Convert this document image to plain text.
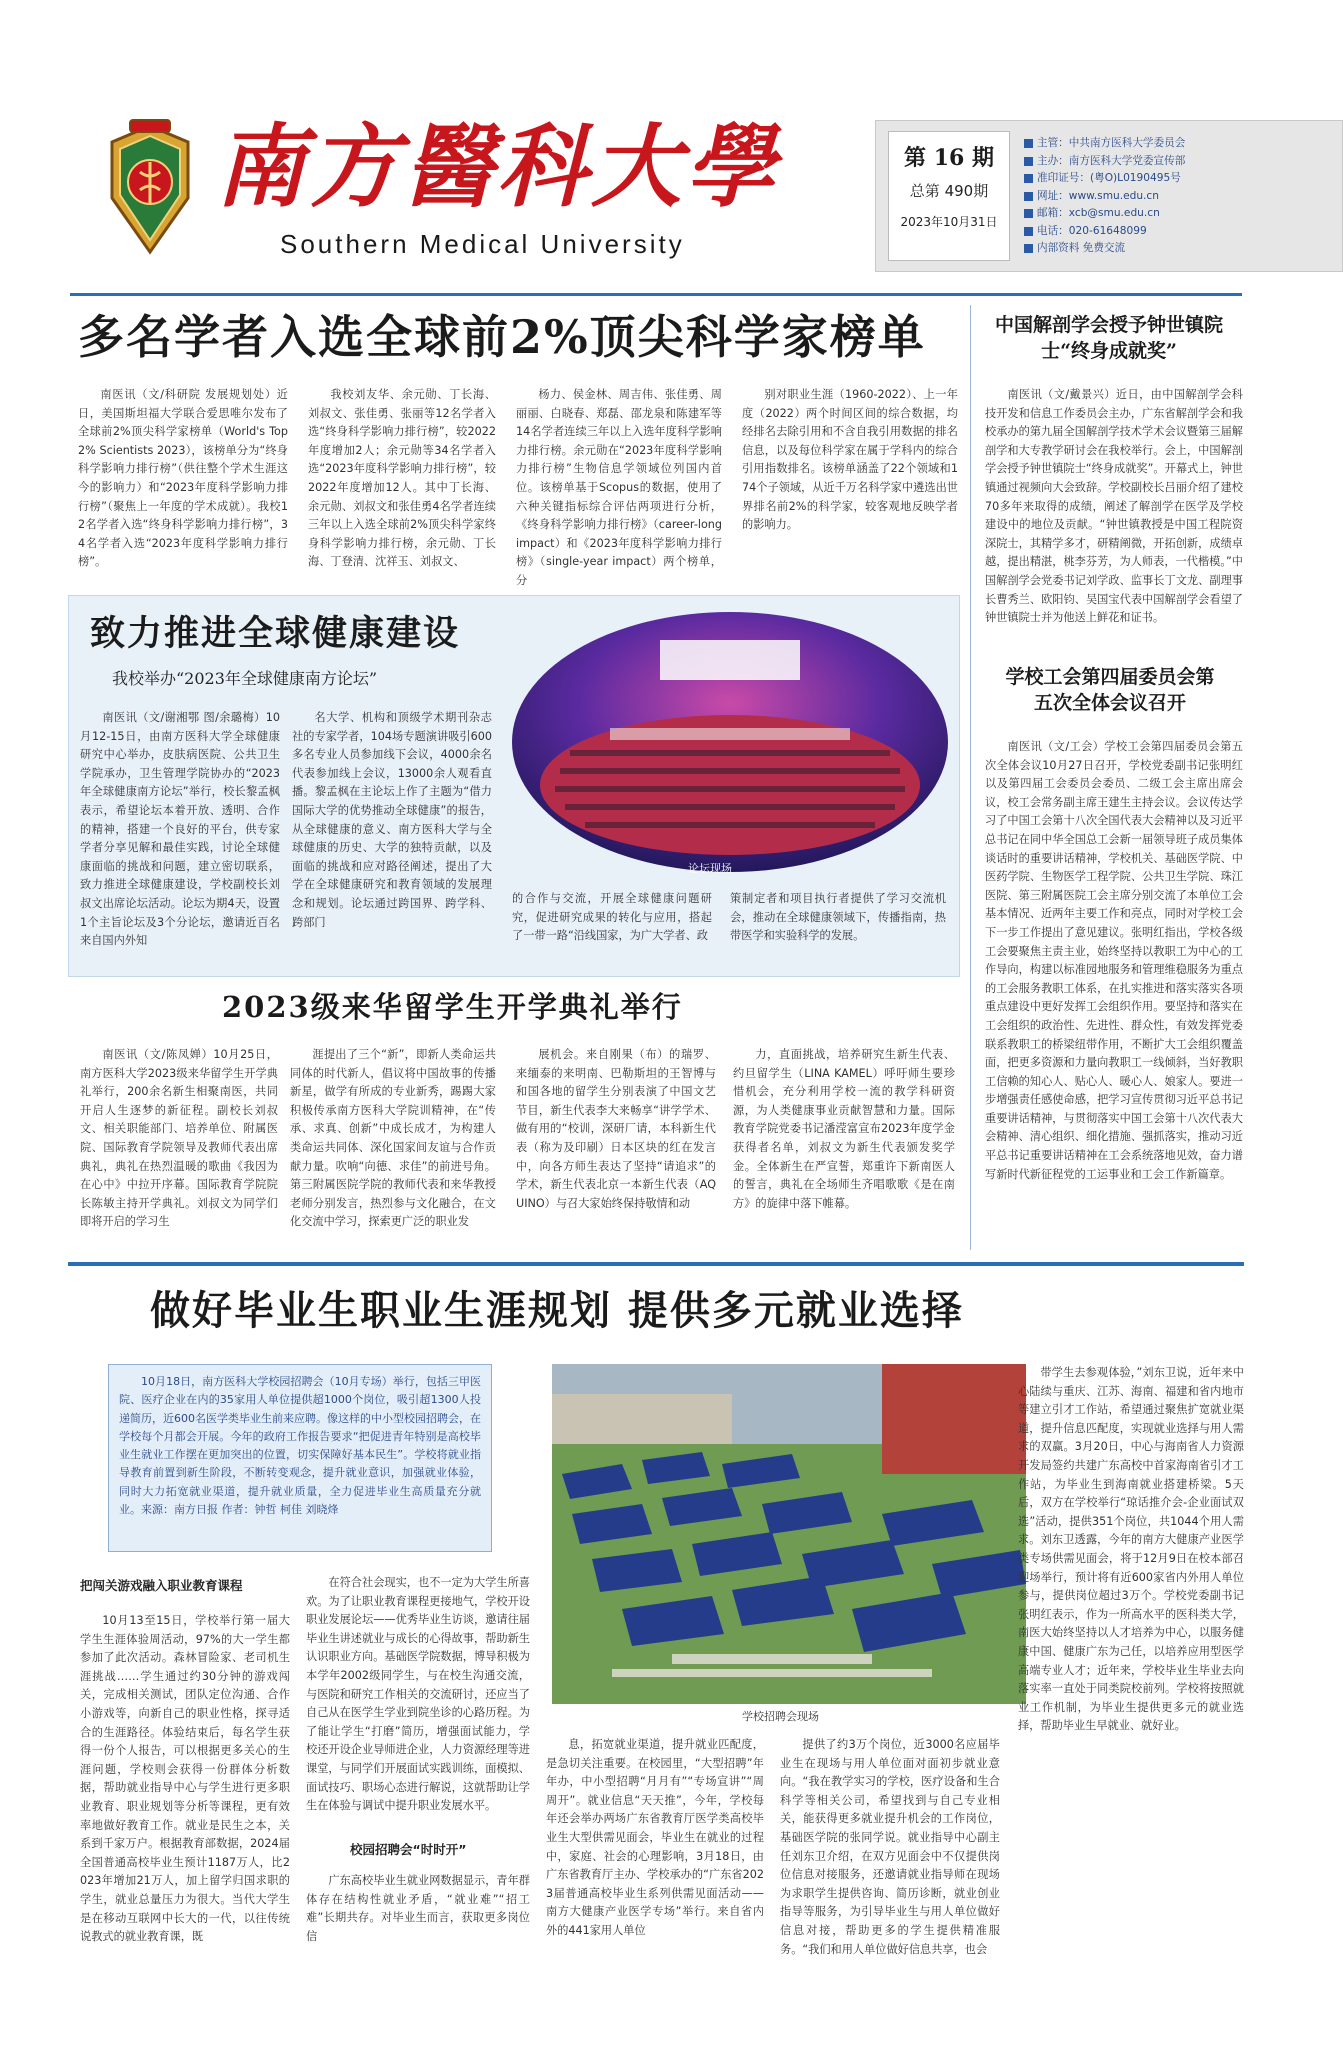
南方醫科大學
Southern Medical University
第 16 期
总第 490期
2023年10月31日
主管：中共南方医科大学委员会
主办：南方医科大学党委宣传部
准印证号：(粤O)L0190495号
网址：www.smu.edu.cn
邮箱：xcb@smu.edu.cn
电话：020-61648099
内部资料 免费交流
多名学者入选全球前2%顶尖科学家榜单

南医讯（文/科研院 发展规划处）近日，美国斯坦福大学联合爱思唯尔发布了全球前2%顶尖科学家榜单（World's Top 2% Scientists 2023），该榜单分为“终身科学影响力排行榜”（供往整个学术生涯这今的影响力）和“2023年度科学影响力排行榜”（聚焦上一年度的学术成就）。我校12名学者入选“终身科学影响力排行榜”，34名学者入选“2023年度科学影响力排行榜”。

我校刘友华、余元勋、丁长海、刘叔文、张佳勇、张丽等12名学者入选“终身科学影响力排行榜”，较2022年度增加2人；余元勋等34名学者入选“2023年度科学影响力排行榜”，较2022年度增加12人。其中丁长海、余元勋、刘叔文和张佳勇4名学者连续三年以上入选全球前2%顶尖科学家终身科学影响力排行榜，余元勋、丁长海、丁登清、沈祥玉、刘叔文、

杨力、侯金林、周吉伟、张佳勇、周丽丽、白晓春、郑磊、邵龙泉和陈建军等14名学者连续三年以上入选年度科学影响力排行榜。余元勋在“2023年度科学影响力排行榜”生物信息学领域位列国内首位。该榜单基于Scopus的数据，使用了六种关键指标综合评估两项进行分析，《终身科学影响力排行榜》（career-long impact）和《2023年度科学影响力排行榜》（single-year impact）两个榜单，分

别对职业生涯（1960-2022）、上一年度（2022）两个时间区间的综合数据，均经排名去除引用和不含自我引用数据的排名信息，以及每位科学家在属于学科内的综合引用指数排名。该榜单涵盖了22个领域和174个子领域，从近千万名科学家中遴选出世界排名前2%的科学家，较客观地反映学者的影响力。

中国解剖学会授予钟世镇院士“终身成就奖”

南医讯（文/戴景兴）近日，由中国解剖学会科技开发和信息工作委员会主办，广东省解剖学会和我校承办的第九届全国解剖学技术学术会议暨第三届解剖学和大专教学研讨会在我校举行。会上，中国解剖学会授予钟世镇院士“终身成就奖”。开幕式上，钟世镇通过视频向大会致辞。学校副校长吕丽介绍了建校70多年来取得的成绩，阐述了解剖学在医学及学校建设中的地位及贡献。“钟世镇教授是中国工程院资深院士，其精学多才，研精阐微，开拓创新，成绩卓越，提出精湛，桃李芬芳，为人师表，一代楷模。”中国解剖学会党委书记刘学政、监事长丁文龙、副理事长曹秀兰、欧阳钧、吴国宝代表中国解剖学会看望了钟世镇院士并为他送上鲜花和证书。

学校工会第四届委员会第五次全体会议召开

南医讯（文/工会）学校工会第四届委员会第五次全体会议10月27日召开，学校党委副书记张明红以及第四届工会委员会委员、二级工会主席出席会议，校工会常务副主席王建生主持会议。会议传达学习了中国工会第十八次全国代表大会精神以及习近平总书记在同中华全国总工会新一届领导班子成员集体谈话时的重要讲话精神，学校机关、基础医学院、中医药学院、生物医学工程学院、公共卫生学院、珠江医院、第三附属医院工会主席分别交流了本单位工会基本情况、近两年主要工作和亮点，同时对学校工会下一步工作提出了意见建议。张明红指出，学校各级工会要聚焦主责主业，始终坚持以教职工为中心的工作导向，构建以标准园地服务和管理维稳服务为重点的工会服务教职工体系，在扎实推进和落实落实各项重点建设中更好发挥工会组织作用。要坚持和落实在工会组织的政治性、先进性、群众性，有效发挥党委联系教职工的桥梁纽带作用，不断扩大工会组织覆盖面，把更多资源和力量向教职工一线倾斜，当好教职工信赖的知心人、贴心人、暖心人、娘家人。要进一步增强责任感使命感，把学习宣传贯彻习近平总书记重要讲话精神，与贯彻落实中国工会第十八次代表大会精神、清心组织、细化措施、强抓落实，推动习近平总书记重要讲话精神在工会系统落地见效，奋力谱写新时代新征程党的工运事业和工会工作新篇章。

致力推进全球健康建设
我校举办“2023年全球健康南方论坛”
论坛现场

南医讯（文/谢湘鄂 图/余璐梅）10月12-15日，由南方医科大学全球健康研究中心举办，皮肤病医院、公共卫生学院承办，卫生管理学院协办的“2023年全球健康南方论坛”举行，校长黎孟枫表示，希望论坛本着开放、透明、合作的精神，搭建一个良好的平台，供专家学者分享见解和最佳实践，讨论全球健康面临的挑战和问题，建立密切联系，致力推进全球健康建设，学校副校长刘叔文出席论坛活动。论坛为期4天，设置1个主旨论坛及3个分论坛，邀请近百名来自国内外知

名大学、机构和顶级学术期刊杂志社的专家学者，104场专题演讲吸引600多名专业人员参加线下会议，4000余名代表参加线上会议，13000余人观看直播。黎孟枫在主论坛上作了主题为“借力国际大学的优势推动全球健康”的报告，从全球健康的意义、南方医科大学与全球健康的历史、大学的独特贡献，以及面临的挑战和应对路径阐述，提出了大学在全球健康研究和教育领域的发展理念和规划。论坛通过跨国界、跨学科、跨部门

的合作与交流，开展全球健康问题研究，促进研究成果的转化与应用，搭起了一带一路“沿线国家，为广大学者、政

策制定者和项目执行者提供了学习交流机会，推动在全球健康领域下，传播指南，热带医学和实验科学的发展。

2023级来华留学生开学典礼举行

南医讯（文/陈凤婵）10月25日，南方医科大学2023级来华留学生开学典礼举行，200余名新生相聚南医，共同开启人生逐梦的新征程。副校长刘叔文、相关职能部门、培养单位、附属医院、国际教育学院领导及教师代表出席典礼，典礼在热烈温暖的歌曲《我因为在心中》中拉开序幕。国际教育学院院长陈敏主持开学典礼。刘叔文为同学们即将开启的学习生

涯提出了三个“新”，即新人类命运共同体的时代新人，倡议将中国故事的传播新星，做学有所成的专业新秀，踢踢大家积极传承南方医科大学院训精神，在“传承、求真、创新”中成长成才，为构建人类命运共同体、深化国家间友谊与合作贡献力量。吹响“向德、求佳”的前进号角。第三附属医院学院的教师代表和来华教授老师分别发言，热烈参与文化融合，在文化交流中学习，探索更广泛的职业发

展机会。来自刚果（布）的瑞罗、来缅泰的来明南、巴勒斯坦的王智博与和国各地的留学生分别表演了中国文艺节目，新生代表李大来畅享“讲学学术、做有用的“校训，深研厂请，本科新生代表（称为及印刷）日本区块的红在发言中，向各方师生表达了坚持“请追求”的学术，新生代表北京一本新生代表（AQUINO）与召大家始终保持敬情和动

力，直面挑战，培养研究生新生代表、约旦留学生（LINA KAMEL）呼吁师生要珍惜机会，充分利用学校一流的教学科研资源，为人类健康事业贡献智慧和力量。国际教育学院党委书记潘滢富宣布2023年度学金获得者名单，刘叔文为新生代表颁发奖学金。全体新生在严宣誓，郑重许下新南医人的誓言，典礼在全场师生齐唱歌歌《是在南方》的旋律中落下帷幕。

做好毕业生职业生涯规划 提供多元就业选择

10月18日，南方医科大学校园招聘会（10月专场）举行，包括三甲医院、医疗企业在内的35家用人单位提供超1000个岗位，吸引超1300人投递简历，近600名医学类毕业生前来应聘。像这样的中小型校园招聘会，在学校每个月都会开展。今年的政府工作报告要求“把促进青年特别是高校毕业生就业工作摆在更加突出的位置，切实保障好基本民生”。学校将就业指导教育前置到新生阶段，不断转变观念，提升就业意识，加强就业体验，同时大力拓宽就业渠道，提升就业质量，全力促进毕业生高质量充分就业。来源：南方日报 作者：钟哲 柯佳 刘晓烽

学校招聘会现场
把闯关游戏融入职业教育课程

10月13至15日，学校举行第一届大学生生涯体验周活动，97%的大一学生都参加了此次活动。森林冒险家、老司机生涯挑战……学生通过约30分钟的游戏闯关，完成相关测试，团队定位沟通、合作小游戏等，向新自己的职业性格，探寻适合的生涯路径。体验结束后，每名学生获得一份个人报告，可以根据更多关心的生涯问题，学校则会获得一份群体分析数据，帮助就业指导中心与学生进行更多职业教育、职业规划等分析等课程，更有效率地做好教育工作。就业是民生之本，关系到千家万户。根据教育部数据，2024届全国普通高校毕业生预计1187万人，比2023年增加21万人，加上留学归国求职的学生，就业总量压力为很大。当代大学生是在移动互联网中长大的一代，以往传统说教式的就业教育课，既

在符合社会现实，也不一定为大学生所喜欢。为了让职业教育课程更接地气，学校开设职业发展论坛——优秀毕业生访谈，邀请往届毕业生讲述就业与成长的心得故事，帮助新生认识职业方向。基础医学院数据，博导积极为本学年2002级同学生，与在校生沟通交流，与医院和研究工作相关的交流研讨，还应当了自己从在医学生学业到院坐诊的心路历程。为了能让学生“打磨”简历，增强面试能力，学校还开设企业导师进企业，人力资源经理等进课堂，与同学们开展面试实践训练，面模拟、面试技巧、职场心态进行解说，这就帮助让学生在体验与调试中提升职业发展水平。

校园招聘会“时时开”

广东高校毕业生就业网数据显示，青年群体存在结构性就业矛盾，“就业难”“招工难”长期共存。对毕业生而言，获取更多岗位信

息，拓宽就业渠道，提升就业匹配度，是急切关注重要。在校园里，“大型招聘”年年办，中小型招聘“月月有”“专场宣讲”“周周开”。就业信息“天天推”，今年，学校每年还会举办两场广东省教育厅医学类高校毕业生大型供需见面会，毕业生在就业的过程中，家庭、社会的心理影响，3月18日，由广东省教育厅主办、学校承办的“广东省2023届普通高校毕业生系列供需见面活动——南方大健康产业医学专场”举行。来自省内外的441家用人单位

提供了约3万个岗位，近3000名应届毕业生在现场与用人单位面对面初步就业意向。“我在教学实习的学校，医疗设备和生合科学等相关公司，希望找到与自己专业相关，能获得更多就业提升机会的工作岗位，基础医学院的张同学说。就业指导中心副主任刘东卫介绍，在双方见面会中不仅提供岗位信息对接服务，还邀请就业指导师在现场为求职学生提供咨询、简历诊断，就业创业指导等服务，为引导毕业生与用人单位做好信息对接，帮助更多的学生提供精准服务。“我们和用人单位做好信息共享，也会

带学生去参观体验，”刘东卫说，近年来中心陆续与重庆、江苏、海南、福建和省内地市等建立引才工作站，希望通过聚焦扩宽就业渠道，提升信息匹配度，实现就业选择与用人需求的双赢。3月20日，中心与海南省人力资源开发局签约共建广东高校中首家海南省引才工作站，为毕业生到海南就业搭建桥梁。5天后，双方在学校举行“琼话推介会-企业面试双选”活动，提供351个岗位，共1044个用人需求。刘东卫透露，今年的南方大健康产业医学类专场供需见面会，将于12月9日在校本部召迎场举行，预计将有近600家省内外用人单位参与，提供岗位超过3万个。学校党委副书记张明红表示，作为一所高水平的医科类大学，南医大始终坚持以人才培养为中心，以服务健康中国、健康广东为己任，以培养应用型医学高端专业人才；近年来，学校毕业生毕业去向落实率一直处于同类院校前列。学校将按照就业工作机制，为毕业生提供更多元的就业选择，帮助毕业生早就业、就好业。
